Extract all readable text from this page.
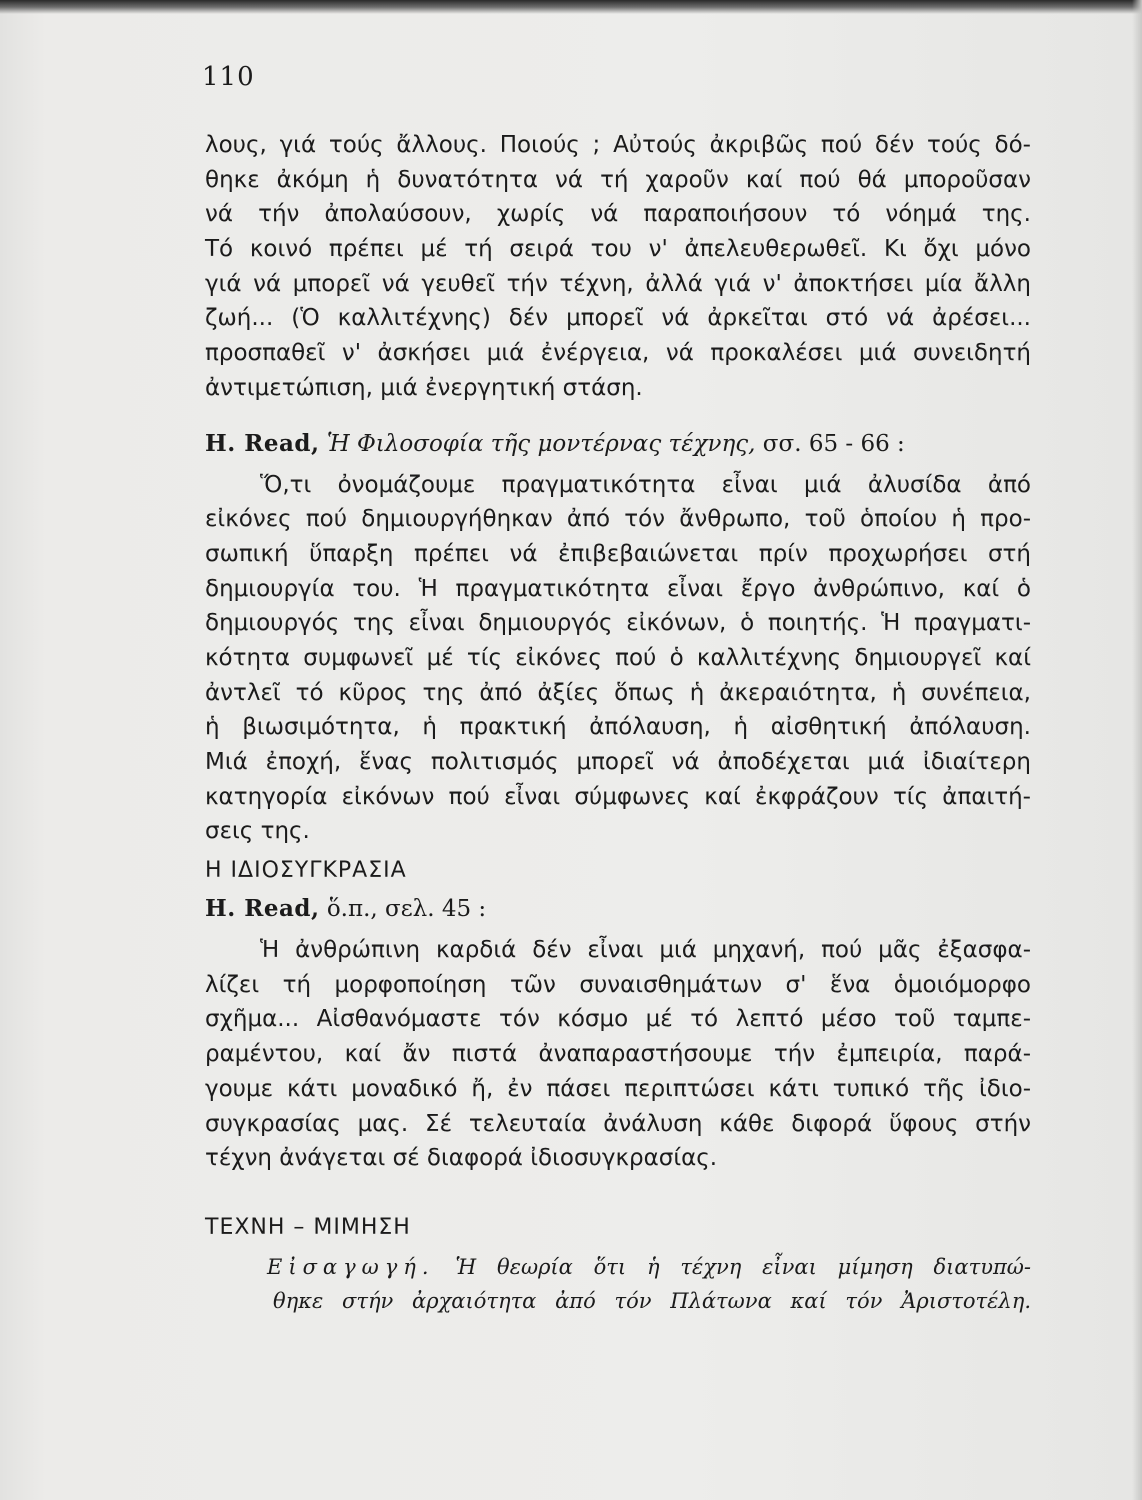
110
λους, γιά τούς ἄλλους. Ποιούς ; Αὐτούς ἀκριβῶς πού δέν τούς δό-
θηκε ἀκόμη ἡ δυνατότητα νά τή χαροῦν καί πού θά μποροῦσαν
νά τήν ἀπολαύσουν, χωρίς νά παραποιήσουν τό νόημά της.
Τό κοινό πρέπει μέ τή σειρά του ν' ἀπελευθερωθεῖ. Κι ὄχι μόνο
γιά νά μπορεῖ νά γευθεῖ τήν τέχνη, ἀλλά γιά ν' ἀποκτήσει μία ἄλλη
ζωή... (Ὁ καλλιτέχνης) δέν μπορεῖ νά ἀρκεῖται στό νά ἀρέσει...
προσπαθεῖ ν' ἀσκήσει μιά ἐνέργεια, νά προκαλέσει μιά συνειδητή
ἀντιμετώπιση, μιά ἐνεργητική στάση.
H. Read, Ἡ Φιλοσοφία τῆς μοντέρνας τέχνης, σσ. 65 - 66 :
Ὅ,τι ὀνομάζουμε πραγματικότητα εἶναι μιά ἀλυσίδα ἀπό
εἰκόνες πού δημιουργήθηκαν ἀπό τόν ἄνθρωπο, τοῦ ὁποίου ἡ προ-
σωπική ὕπαρξη πρέπει νά ἐπιβεβαιώνεται πρίν προχωρήσει στή
δημιουργία του. Ἡ πραγματικότητα εἶναι ἔργο ἀνθρώπινο, καί ὁ
δημιουργός της εἶναι δημιουργός εἰκόνων, ὁ ποιητής. Ἡ πραγματι-
κότητα συμφωνεῖ μέ τίς εἰκόνες πού ὁ καλλιτέχνης δημιουργεῖ καί
ἀντλεῖ τό κῦρος της ἀπό ἀξίες ὅπως ἡ ἀκεραιότητα, ἡ συνέπεια,
ἡ βιωσιμότητα, ἡ πρακτική ἀπόλαυση, ἡ αἰσθητική ἀπόλαυση.
Μιά ἐποχή, ἕνας πολιτισμός μπορεῖ νά ἀποδέχεται μιά ἰδιαίτερη
κατηγορία εἰκόνων πού εἶναι σύμφωνες καί ἐκφράζουν τίς ἀπαιτή-
σεις της.
Η ΙΔΙΟΣΥΓΚΡΑΣΙΑ
H. Read, ὅ.π., σελ. 45 :
Ἡ ἀνθρώπινη καρδιά δέν εἶναι μιά μηχανή, πού μᾶς ἐξασφα-
λίζει τή μορφοποίηση τῶν συναισθημάτων σ' ἕνα ὁμοιόμορφο
σχῆμα... Αἰσθανόμαστε τόν κόσμο μέ τό λεπτό μέσο τοῦ ταμπε-
ραμέντου, καί ἄν πιστά ἀναπαραστήσουμε τήν ἐμπειρία, παρά-
γουμε κάτι μοναδικό ἤ, ἐν πάσει περιπτώσει κάτι τυπικό τῆς ἰδιο-
συγκρασίας μας. Σέ τελευταία ἀνάλυση κάθε διφορά ὕφους στήν
τέχνη ἀνάγεται σέ διαφορά ἰδιοσυγκρασίας.
ΤΕΧΝΗ – ΜΙΜΗΣΗ
Εἰσαγωγή. Ἡ θεωρία ὅτι ἡ τέχνη εἶναι μίμηση διατυπώ-
θηκε στήν ἀρχαιότητα ἀπό τόν Πλάτωνα καί τόν Ἀριστοτέλη.
